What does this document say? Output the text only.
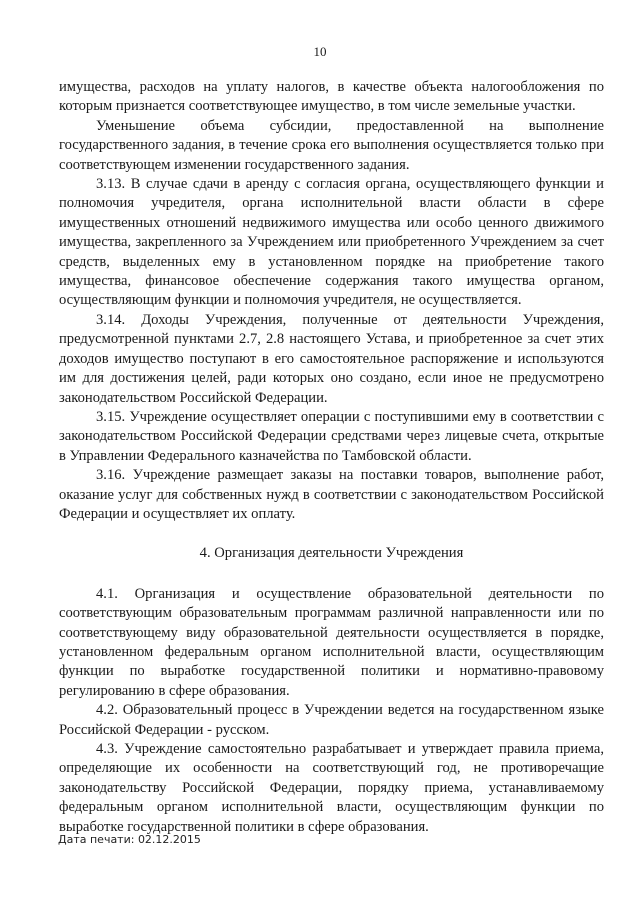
10

имущества, расходов на уплату налогов, в качестве объекта налогообложения по которым признается соответствующее имущество, в том числе земельные участки.

Уменьшение объема субсидии, предоставленной на выполнение государственного задания, в течение срока его выполнения осуществляется только при соответствующем изменении государственного задания.

3.13. В случае сдачи в аренду с согласия органа, осуществляющего функции и полномочия учредителя, органа исполнительной власти области в сфере имущественных отношений недвижимого имущества или особо ценного движимого имущества, закрепленного за Учреждением или приобретенного Учреждением за счет средств, выделенных ему в установленном порядке на приобретение такого имущества, финансовое обеспечение содержания такого имущества органом, осуществляющим функции и полномочия учредителя, не осуществляется.

3.14. Доходы Учреждения, полученные от деятельности Учреждения, предусмотренной пунктами 2.7, 2.8 настоящего Устава, и приобретенное за счет этих доходов имущество поступают в его самостоятельное распоряжение и используются им для достижения целей, ради которых оно создано, если иное не предусмотрено законодательством Российской Федерации.

3.15. Учреждение осуществляет операции с поступившими ему в соответствии с законодательством Российской Федерации средствами через лицевые счета, открытые в Управлении Федерального казначейства по Тамбовской области.

3.16. Учреждение размещает заказы на поставки товаров, выполнение работ, оказание услуг для собственных нужд в соответствии с законодательством Российской Федерации и осуществляет их оплату.

4. Организация деятельности Учреждения

4.1. Организация и осуществление образовательной деятельности по соответствующим образовательным программам различной направленности или по соответствующему виду образовательной деятельности осуществляется в порядке, установленном федеральным органом исполнительной власти, осуществляющим функции по выработке государственной политики и нормативно-правовому регулированию в сфере образования.

4.2. Образовательный процесс в Учреждении ведется на государственном языке Российской Федерации - русском.

4.3. Учреждение самостоятельно разрабатывает и утверждает правила приема, определяющие их особенности на соответствующий год, не противоречащие законодательству Российской Федерации, порядку приема, устанавливаемому федеральным органом исполнительной власти, осуществляющим функции по выработке государственной политики в сфере образования.

Дата печати: 02.12.2015
